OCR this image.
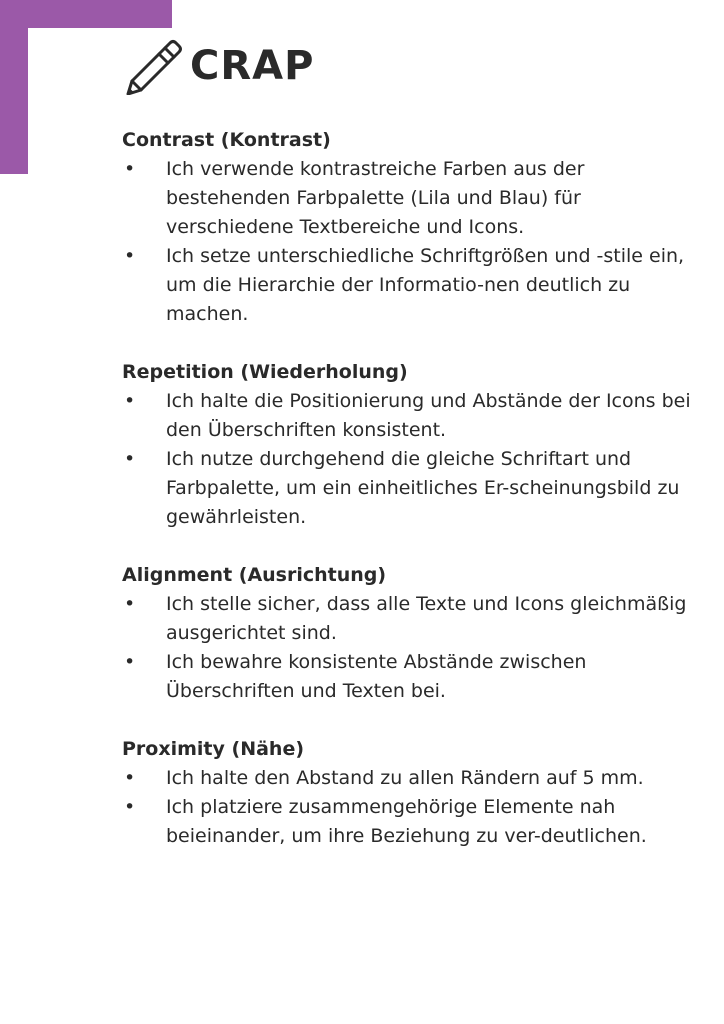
CRAP
Contrast (Kontrast)
• Ich verwende kontrastreiche Farben aus der bestehenden Farbpalette (Lila und Blau) für verschiedene Textbereiche und Icons.
• Ich setze unterschiedliche Schriftgrößen und -stile ein, um die Hierarchie der Informatio-nen deutlich zu machen.
Repetition (Wiederholung)
• Ich halte die Positionierung und Abstände der Icons bei den Überschriften konsistent.
• Ich nutze durchgehend die gleiche Schriftart und Farbpalette, um ein einheitliches Er-scheinungsbild zu gewährleisten.
Alignment (Ausrichtung)
• Ich stelle sicher, dass alle Texte und Icons gleichmäßig ausgerichtet sind.
• Ich bewahre konsistente Abstände zwischen Überschriften und Texten bei.
Proximity (Nähe)
• Ich halte den Abstand zu allen Rändern auf 5 mm.
• Ich platziere zusammengehörige Elemente nah beieinander, um ihre Beziehung zu ver-deutlichen.
